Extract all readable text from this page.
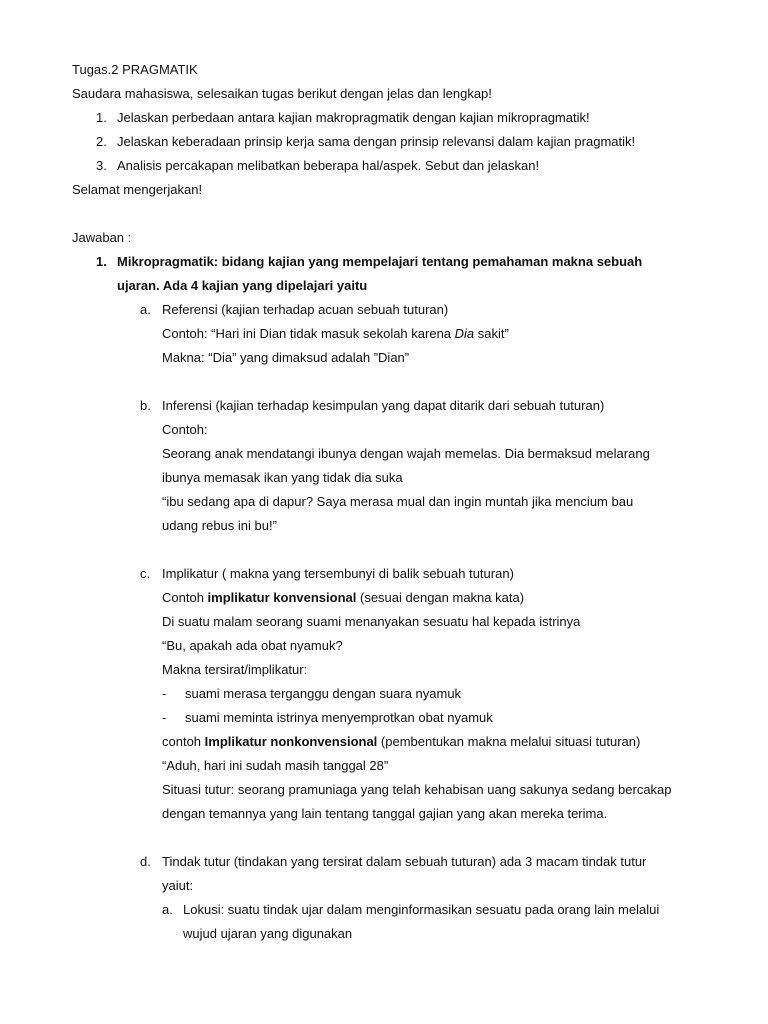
Tugas.2 PRAGMATIK
Saudara mahasiswa, selesaikan tugas berikut dengan jelas dan lengkap!
1. Jelaskan perbedaan antara kajian makropragmatik dengan kajian mikropragmatik!
2. Jelaskan keberadaan prinsip kerja sama dengan prinsip relevansi dalam kajian pragmatik!
3. Analisis percakapan melibatkan beberapa hal/aspek. Sebut dan jelaskan!
Selamat mengerjakan!
Jawaban :
1. Mikropragmatik: bidang kajian yang mempelajari tentang pemahaman makna sebuah
ujaran. Ada 4 kajian yang dipelajari yaitu
a. Referensi (kajian terhadap acuan sebuah tuturan)
Contoh: “Hari ini Dian tidak masuk sekolah karena Dia sakit”
Makna: “Dia” yang dimaksud adalah ”Dian”
b. Inferensi (kajian terhadap kesimpulan yang dapat ditarik dari sebuah tuturan)
Contoh:
Seorang anak mendatangi ibunya dengan wajah memelas. Dia bermaksud melarang
ibunya memasak ikan yang tidak dia suka
“ibu sedang apa di dapur? Saya merasa mual dan ingin muntah jika mencium bau
udang rebus ini bu!”
c. Implikatur ( makna yang tersembunyi di balik sebuah tuturan)
Contoh implikatur konvensional (sesuai dengan makna kata)
Di suatu malam seorang suami menanyakan sesuatu hal kepada istrinya
“Bu, apakah ada obat nyamuk?
Makna tersirat/implikatur:
- suami merasa terganggu dengan suara nyamuk
- suami meminta istrinya menyemprotkan obat nyamuk
contoh Implikatur nonkonvensional (pembentukan makna melalui situasi tuturan)
“Aduh, hari ini sudah masih tanggal 28”
Situasi tutur: seorang pramuniaga yang telah kehabisan uang sakunya sedang bercakap
dengan temannya yang lain tentang tanggal gajian yang akan mereka terima.
d. Tindak tutur (tindakan yang tersirat dalam sebuah tuturan) ada 3 macam tindak tutur
yaiut:
a. Lokusi: suatu tindak ujar dalam menginformasikan sesuatu pada orang lain melalui
wujud ujaran yang digunakan
